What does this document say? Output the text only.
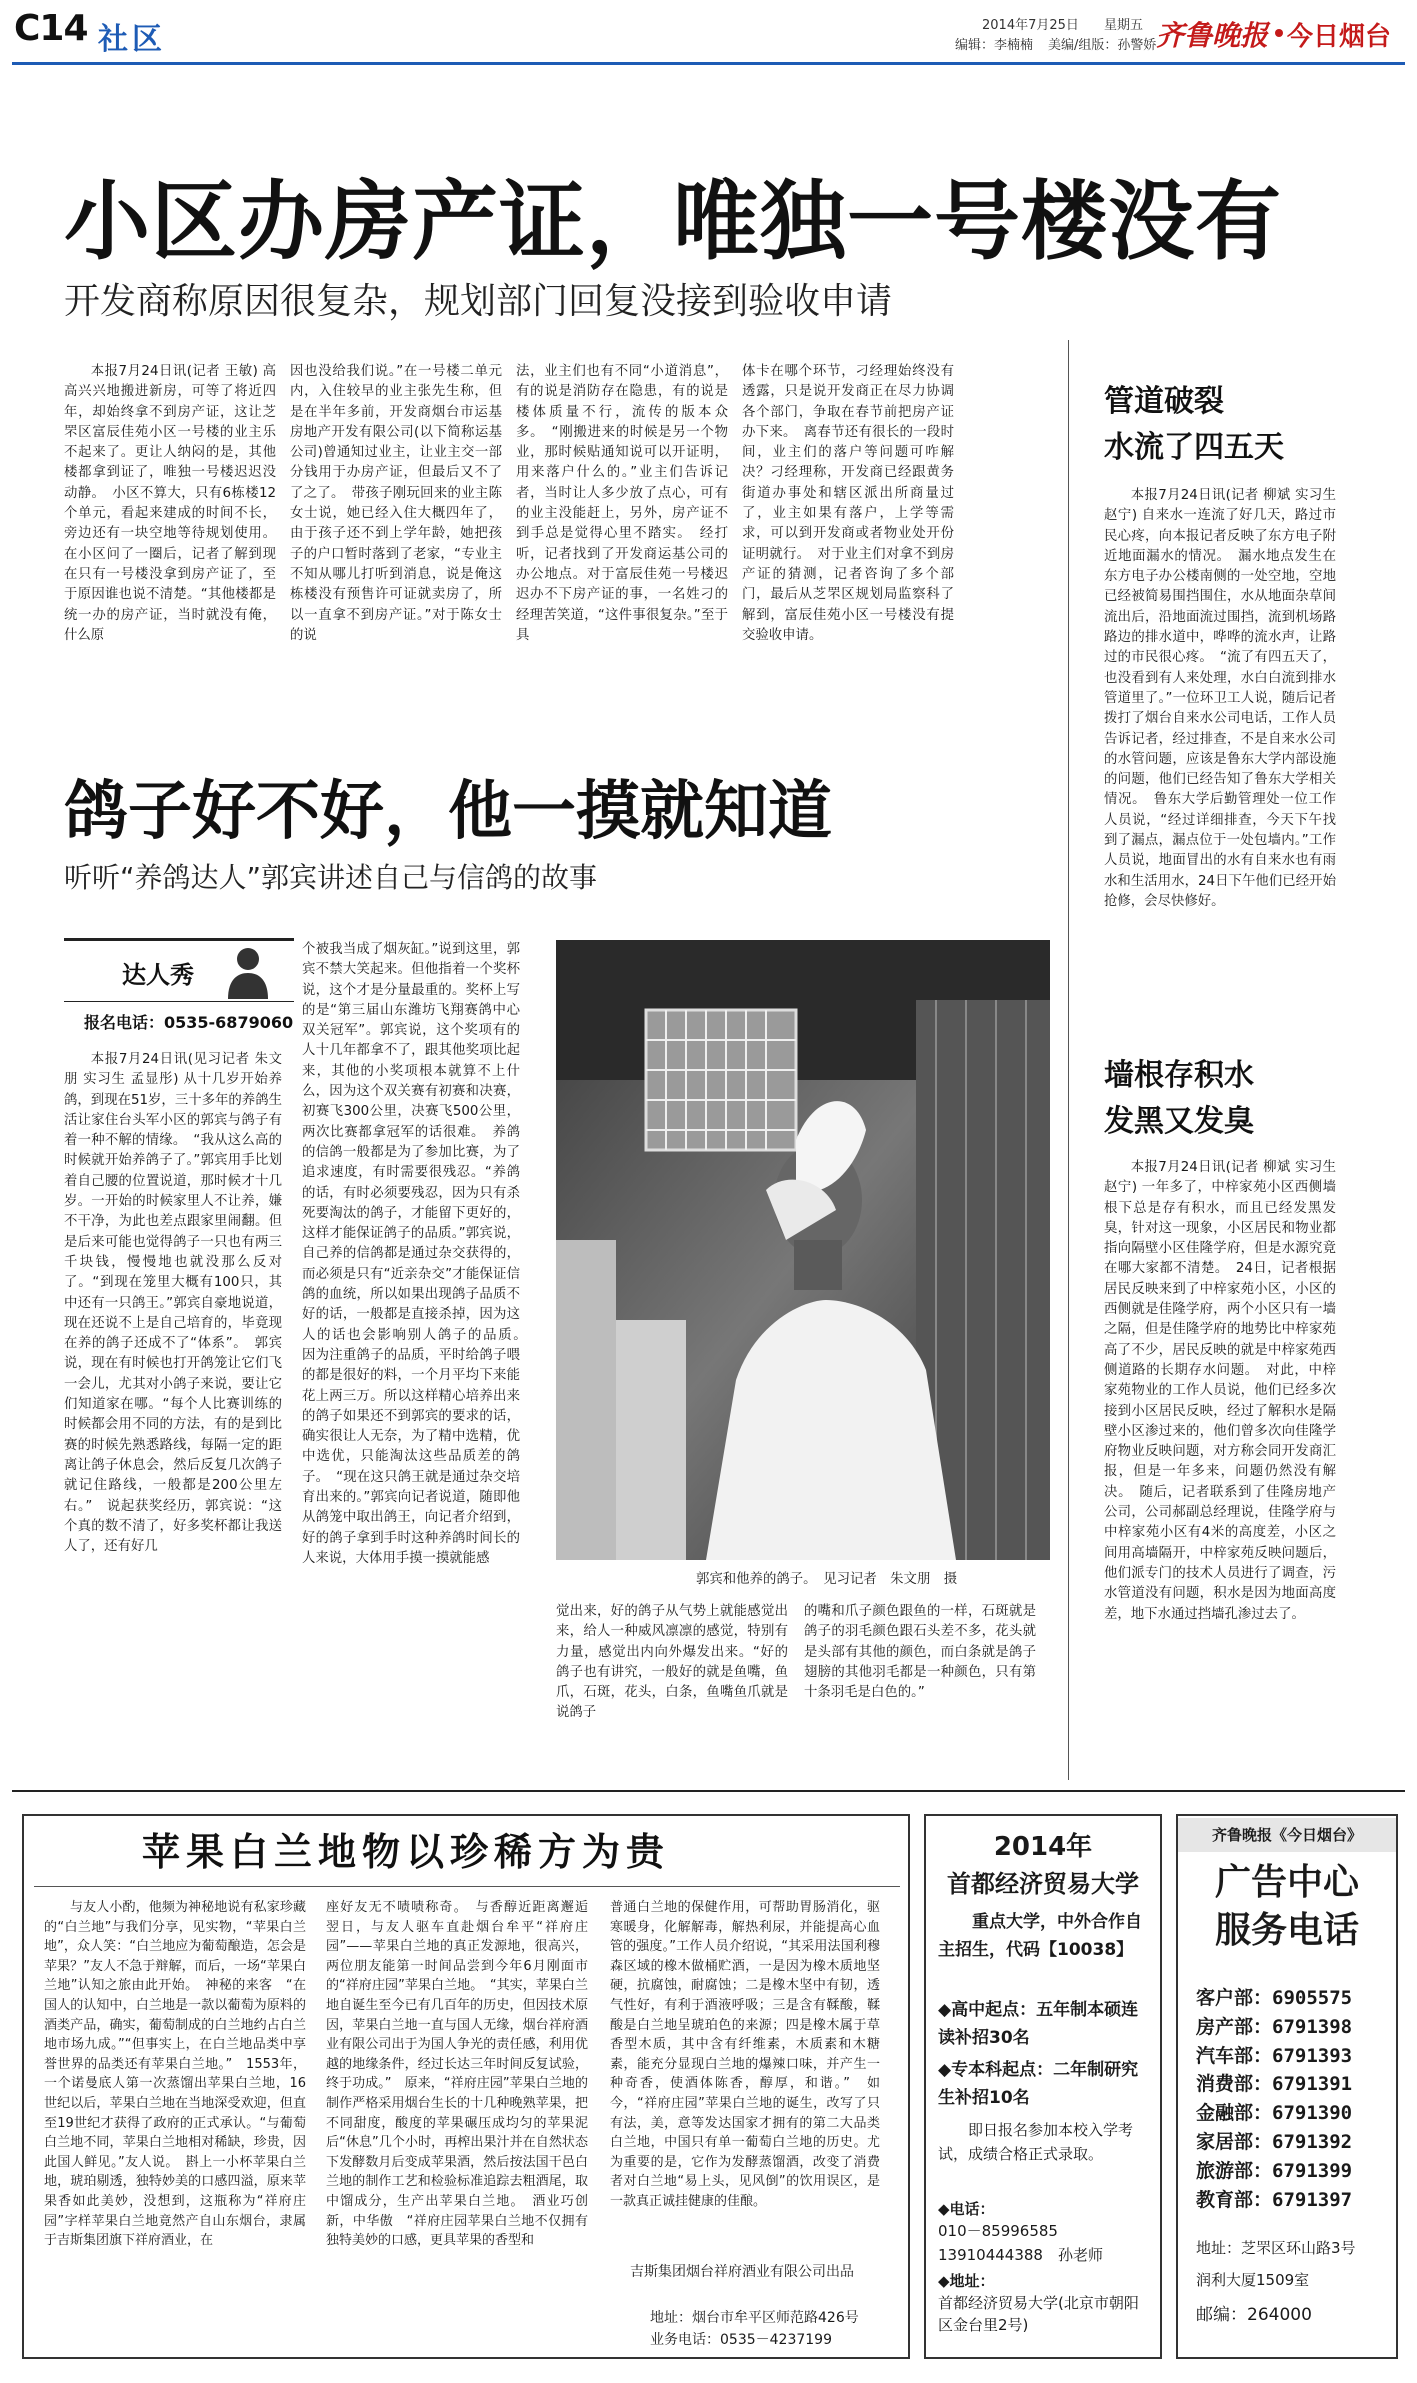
C14 社区	2014年7月25日 星期五
编辑：李楠楠 美编/组版：孙警娇 齐鲁晚报 今日烟台
小区办房产证，唯独一号楼没有
开发商称原因很复杂，规划部门回复没接到验收申请

本报7月24日讯(记者 王敏) 高高兴兴地搬进新房，可等了将近四年，却始终拿不到房产证，这让芝罘区富辰佳苑小区一号楼的业主乐不起来了。更让人纳闷的是，其他楼都拿到证了，唯独一号楼迟迟没动静。　小区不算大，只有6栋楼12个单元，看起来建成的时间不长，旁边还有一块空地等待规划使用。在小区问了一圈后，记者了解到现在只有一号楼没拿到房产证了，至于原因谁也说不清楚。“其他楼都是统一办的房产证，当时就没有俺，什么原

因也没给我们说。”在一号楼二单元内，入住较早的业主张先生称，但是在半年多前，开发商烟台市运基房地产开发有限公司(以下简称运基公司)曾通知过业主，让业主交一部分钱用于办房产证，但最后又不了了之了。　带孩子刚玩回来的业主陈女士说，她已经入住大概四年了，由于孩子还不到上学年龄，她把孩子的户口暂时落到了老家，“专业主不知从哪儿打听到消息，说是俺这栋楼没有预售许可证就卖房了，所以一直拿不到房产证。”对于陈女士的说

法，业主们也有不同“小道消息”，有的说是消防存在隐患，有的说是楼体质量不行，流传的版本众多。　“刚搬进来的时候是另一个物业，那时候贴通知说可以开证明，用来落户什么的。”业主们告诉记者，当时让人多少放了点心，可有的业主没能赶上，另外，房产证不到手总是觉得心里不踏实。　经打听，记者找到了开发商运基公司的办公地点。对于富辰佳苑一号楼迟迟办不下房产证的事，一名姓刁的经理苦笑道，“这件事很复杂。”至于具

体卡在哪个环节，刁经理始终没有透露，只是说开发商正在尽力协调各个部门，争取在春节前把房产证办下来。　离春节还有很长的一段时间，业主们的落户等问题可咋解决？刁经理称，开发商已经跟黄务街道办事处和辖区派出所商量过了，业主如果有落户，上学等需求，可以到开发商或者物业处开份证明就行。　对于业主们对拿不到房产证的猜测，记者咨询了多个部门，最后从芝罘区规划局监察科了解到，富辰佳苑小区一号楼没有提交验收申请。

管道破裂
水流了四五天

本报7月24日讯(记者 柳斌 实习生 赵宁) 自来水一连流了好几天，路过市民心疼，向本报记者反映了东方电子附近地面漏水的情况。　漏水地点发生在东方电子办公楼南侧的一处空地，空地已经被简易围挡围住，水从地面杂草间流出后，沿地面流过围挡，流到机场路路边的排水道中，哗哗的流水声，让路过的市民很心疼。　“流了有四五天了，也没看到有人来处理，水白白流到排水管道里了。”一位环卫工人说，随后记者拨打了烟台自来水公司电话，工作人员告诉记者，经过排查，不是自来水公司的水管问题，应该是鲁东大学内部设施的问题，他们已经告知了鲁东大学相关情况。　鲁东大学后勤管理处一位工作人员说，“经过详细排查，今天下午找到了漏点，漏点位于一处包墙内。”工作人员说，地面冒出的水有自来水也有雨水和生活用水，24日下午他们已经开始抢修，会尽快修好。

墙根存积水
发黑又发臭

本报7月24日讯(记者 柳斌 实习生 赵宁) 一年多了，中梓家苑小区西侧墙根下总是存有积水，而且已经发黑发臭，针对这一现象，小区居民和物业都指向隔壁小区佳隆学府，但是水源究竟在哪大家都不清楚。　24日，记者根据居民反映来到了中梓家苑小区，小区的西侧就是佳隆学府，两个小区只有一墙之隔，但是佳隆学府的地势比中梓家苑高了不少，居民反映的就是中梓家苑西侧道路的长期存水问题。　对此，中梓家苑物业的工作人员说，他们已经多次接到小区居民反映，经过了解积水是隔壁小区渗过来的，他们曾多次向佳隆学府物业反映问题，对方称会同开发商汇报，但是一年多来，问题仍然没有解决。　随后，记者联系到了佳隆房地产公司，公司郝副总经理说，佳隆学府与中梓家苑小区有4米的高度差，小区之间用高墙隔开，中梓家苑反映问题后，他们派专门的技术人员进行了调查，污水管道没有问题，积水是因为地面高度差，地下水通过挡墙孔渗过去了。

鸽子好不好，他一摸就知道
听听“养鸽达人”郭宾讲述自己与信鸽的故事
达人秀
报名电话：0535-6879060

本报7月24日讯(见习记者 朱文朋 实习生 孟显彤) 从十几岁开始养鸽，到现在51岁，三十多年的养鸽生活让家住台头军小区的郭宾与鸽子有着一种不解的情缘。　“我从这么高的时候就开始养鸽子了。”郭宾用手比划着自己腰的位置说道，那时候才十几岁。一开始的时候家里人不让养，嫌不干净，为此也差点跟家里闹翻。但是后来可能也觉得鸽子一只也有两三千块钱，慢慢地也就没那么反对了。“到现在笼里大概有100只，其中还有一只鸽王。”郭宾自豪地说道，现在还说不上是自己培育的，毕竟现在养的鸽子还成不了“体系”。　郭宾说，现在有时候也打开鸽笼让它们飞一会儿，尤其对小鸽子来说，要让它们知道家在哪。“每个人比赛训练的时候都会用不同的方法，有的是到比赛的时候先熟悉路线，每隔一定的距离让鸽子休息会，然后反复几次鸽子就记住路线，一般都是200公里左右。”　说起获奖经历，郭宾说：“这个真的数不清了，好多奖杯都让我送人了，还有好几

个被我当成了烟灰缸。”说到这里，郭宾不禁大笑起来。但他指着一个奖杯说，这个才是分量最重的。奖杯上写的是“第三届山东潍坊飞翔赛鸽中心双关冠军”。郭宾说，这个奖项有的人十几年都拿不了，跟其他奖项比起来，其他的小奖项根本就算不上什么，因为这个双关赛有初赛和决赛，初赛飞300公里，决赛飞500公里，两次比赛都拿冠军的话很难。　养鸽的信鸽一般都是为了参加比赛，为了追求速度，有时需要很残忍。“养鸽的话，有时必须要残忍，因为只有杀死要淘汰的鸽子，才能留下更好的，这样才能保证鸽子的品质。”郭宾说，自己养的信鸽都是通过杂交获得的，而必须是只有“近亲杂交”才能保证信鸽的血统，所以如果出现鸽子品质不好的话，一般都是直接杀掉，因为这人的话也会影响别人鸽子的品质。　因为注重鸽子的品质，平时给鸽子喂的都是很好的料，一个月平均下来能花上两三万。所以这样精心培养出来的鸽子如果还不到郭宾的要求的话，确实很让人无奈，为了精中选精，优中选优，只能淘汰这些品质差的鸽子。　“现在这只鸽王就是通过杂交培育出来的。”郭宾向记者说道，随即他从鸽笼中取出鸽王，向记者介绍到，好的鸽子拿到手时这种养鸽时间长的人来说，大体用手摸一摸就能感

郭宾和他养的鸽子。　见习记者　朱文朋　摄

觉出来，好的鸽子从气势上就能感觉出来，给人一种威风凛凛的感觉，特别有力量，感觉出内向外爆发出来。“好的鸽子也有讲究，一般好的就是鱼嘴，鱼爪，石斑，花头，白条，鱼嘴鱼爪就是说鸽子

的嘴和爪子颜色跟鱼的一样，石斑就是鸽子的羽毛颜色跟石头差不多，花头就是头部有其他的颜色，而白条就是鸽子翅膀的其他羽毛都是一种颜色，只有第十条羽毛是白色的。”

苹果白兰地物以珍稀方为贵

与友人小酌，他频为神秘地说有私家珍藏的“白兰地”与我们分享，见实物，“苹果白兰地”，众人笑：“白兰地应为葡萄酿造，怎会是苹果？”友人不急于辩解，而后，一场“苹果白兰地”认知之旅由此开始。　神秘的来客　“在国人的认知中，白兰地是一款以葡萄为原料的酒类产品，确实，葡萄制成的白兰地约占白兰地市场九成。”“但事实上，在白兰地品类中享誉世界的品类还有苹果白兰地。”　1553年，一个诺曼底人第一次蒸馏出苹果白兰地，16世纪以后，苹果白兰地在当地深受欢迎，但直至19世纪才获得了政府的正式承认。“与葡萄白兰地不同，苹果白兰地相对稀缺，珍贵，因此国人鲜见。”友人说。　斟上一小杯苹果白兰地，琥珀剔透，独特妙美的口感四溢，原来苹果香如此美妙，没想到，这瓶称为“祥府庄园”字样苹果白兰地竟然产自山东烟台，隶属于吉斯集团旗下祥府酒业，在

座好友无不啧啧称奇。　与香醇近距离邂逅　翌日，与友人驱车直赴烟台牟平“祥府庄园”——苹果白兰地的真正发源地，很高兴，两位朋友能第一时间品尝到今年6月刚面市的“祥府庄园”苹果白兰地。　“其实，苹果白兰地自诞生至今已有几百年的历史，但因技术原因，苹果白兰地一直与国人无缘，烟台祥府酒业有限公司出于为国人争光的责任感，利用优越的地缘条件，经过长达三年时间反复试验，终于功成。”　原来，“祥府庄园”苹果白兰地的制作严格采用烟台生长的十几种晚熟苹果，把不同甜度，酸度的苹果碾压成均匀的苹果泥后“休息”几个小时，再榨出果汁并在自然状态下发酵数月后变成苹果酒，然后按法国干邑白兰地的制作工艺和检验标准追踪去粗酒尾，取中馏成分，生产出苹果白兰地。　酒业巧创新，中华傲　“祥府庄园苹果白兰地不仅拥有独特美妙的口感，更具苹果的香型和

普通白兰地的保健作用，可帮助胃肠消化，驱寒暖身，化解解毒，解热利尿，并能提高心血管的强度。”工作人员介绍说，“其采用法国利穆森区域的橡木做桶贮酒，一是因为橡木质地坚硬，抗腐蚀，耐腐蚀；二是橡木坚中有韧，透气性好，有利于酒液呼吸；三是含有鞣酸，鞣酸是白兰地呈琥珀色的来源；四是橡木属于草香型木质，其中含有纤维素，木质素和木糖素，能充分显现白兰地的爆辣口味，并产生一种奇香，使酒体陈香，醇厚，和谐。”　如今，“祥府庄园”苹果白兰地的诞生，改写了只有法，美，意等发达国家才拥有的第二大品类白兰地，中国只有单一葡萄白兰地的历史。尤为重要的是，它作为发酵蒸馏酒，改变了消费者对白兰地“易上头，见风倒”的饮用误区，是一款真正诚挂健康的佳酿。

吉斯集团烟台祥府酒业有限公司出品
地址：烟台市牟平区师范路426号
业务电话：0535－4237199
2014年
首都经济贸易大学
重点大学，中外合作自主招生，代码【10038】
◆高中起点：五年制本硕连读补招30名
◆专本科起点：二年制研究生补招10名
即日报名参加本校入学考试，成绩合格正式录取。
◆电话：
010－85996585
13910444388　孙老师
◆地址：
首都经济贸易大学(北京市朝阳区金台里2号)
齐鲁晚报《今日烟台》
广告中心
服务电话
客户部：6905575
房产部：6791398
汽车部：6791393
消费部：6791391
金融部：6791390
家居部：6791392
旅游部：6791399
教育部：6791397
地址：芝罘区环山路3号
润利大厦1509室
邮编：264000
